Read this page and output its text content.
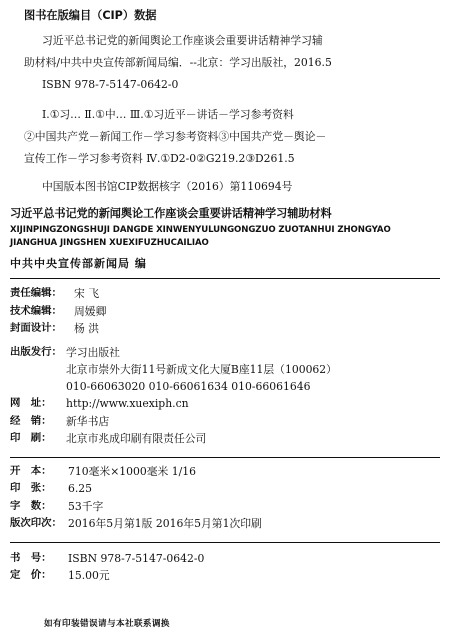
图书在版编目（CIP）数据
习近平总书记党的新闻舆论工作座谈会重要讲话精神学习辅
助材料/中共中央宣传部新闻局编．--北京：学习出版社，2016.5
ISBN 978-7-5147-0642-0
Ⅰ.①习… Ⅱ.①中… Ⅲ.①习近平－讲话－学习参考资料
②中国共产党－新闻工作－学习参考资料③中国共产党－舆论－
宣传工作－学习参考资料 Ⅳ.①D2-0②G219.2③D261.5
中国版本图书馆CIP数据核字（2016）第110694号
习近平总书记党的新闻舆论工作座谈会重要讲话精神学习辅助材料
XIJINPINGZONGSHUJI DANGDE XINWENYULUNGONGZUO ZUOTANHUI ZHONGYAO
JIANGHUA JINGSHEN XUEXIFUZHUCAILIAO
中共中央宣传部新闻局 编
责任编辑：	宋 飞
技术编辑：	周媛卿
封面设计：	杨 洪
出版发行： 学习出版社
北京市崇外大街11号新成文化大厦B座11层（100062）
010-66063020 010-66061634 010-66061646
网　址：	http://www.xuexiph.cn
经　销：	新华书店
印　刷：	北京市兆成印刷有限责任公司
开　本：	710毫米×1000毫米 1/16
印　张：	6.25
字　数：	53千字
版次印次： 2016年5月第1版 2016年5月第1次印刷
书　号：	ISBN 978-7-5147-0642-0
定　价：	15.00元
如有印装错误请与本社联系调换
